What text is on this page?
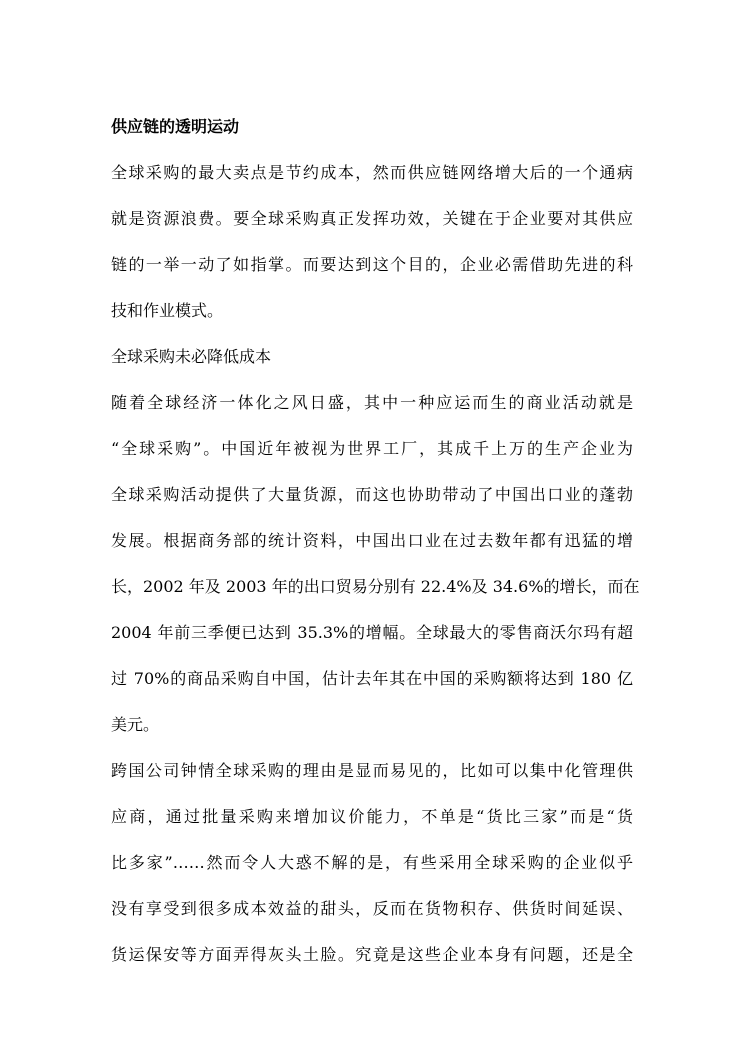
供应链的透明运动

全球采购的最大卖点是节约成本，然而供应链网络增大后的一个通病

就是资源浪费。要全球采购真正发挥功效，关键在于企业要对其供应

链的一举一动了如指掌。而要达到这个目的，企业必需借助先进的科

技和作业模式。

全球采购未必降低成本

随着全球经济一体化之风日盛，其中一种应运而生的商业活动就是

“全球采购”。中国近年被视为世界工厂，其成千上万的生产企业为

全球采购活动提供了大量货源，而这也协助带动了中国出口业的蓬勃

发展。根据商务部的统计资料，中国出口业在过去数年都有迅猛的增

长，2002 年及 2003 年的出口贸易分别有 22.4%及 34.6%的增长，而在

2004 年前三季便已达到 35.3%的增幅。全球最大的零售商沃尔玛有超

过 70%的商品采购自中国，估计去年其在中国的采购额将达到 180 亿

美元。

跨国公司钟情全球采购的理由是显而易见的，比如可以集中化管理供

应商，通过批量采购来增加议价能力，不单是“货比三家”而是“货

比多家”……然而令人大惑不解的是，有些采用全球采购的企业似乎

没有享受到很多成本效益的甜头，反而在货物积存、供货时间延误、

货运保安等方面弄得灰头土脸。究竟是这些企业本身有问题，还是全
